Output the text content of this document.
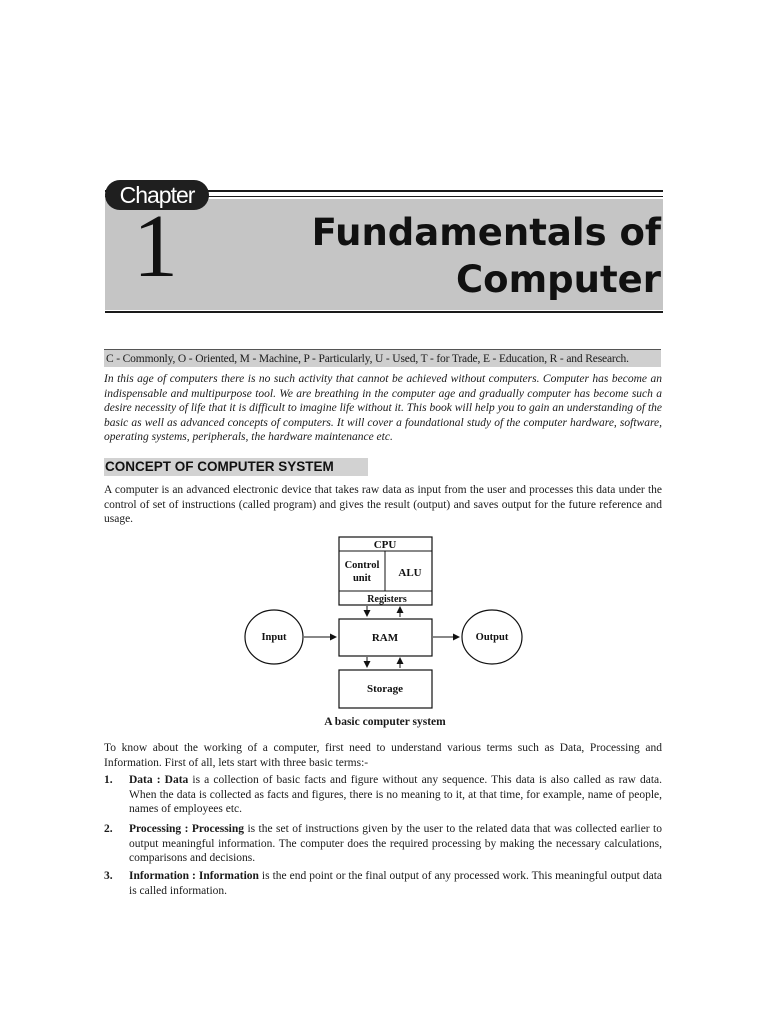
Chapter
1	Fundamentals of
Computer
C - Commonly, O - Oriented, M - Machine, P - Particularly, U - Used, T - for Trade, E - Education, R - and Research.
In this age of computers there is no such activity that cannot be achieved without computers. Computer has become an indispensable and multipurpose tool. We are breathing in the computer age and gradually computer has become such a desire necessity of life that it is difficult to imagine life without it. This book will help you to gain an understanding of the basic as well as advanced concepts of computers. It will cover a foundational study of the computer hardware, software, operating systems, peripherals, the hardware maintenance etc.
CONCEPT OF COMPUTER SYSTEM
A computer is an advanced electronic device that takes raw data as input from the user and processes this data under the control of set of instructions (called program) and gives the result (output) and saves output for the future reference and usage.
CPU
Control
unit ALU
Registers
RAM
Input	Output
Storage
A basic computer system
To know about the working of a computer, first need to understand various terms such as Data, Processing and Information. First of all, lets start with three basic terms:-
1. Data : Data is a collection of basic facts and figure without any sequence. This data is also called as raw data. When the data is collected as facts and figures, there is no meaning to it, at that time, for example, name of people, names of employees etc.
2. Processing : Processing is the set of instructions given by the user to the related data that was collected earlier to output meaningful information. The computer does the required processing by making the necessary calculations, comparisons and decisions.
3. Information : Information is the end point or the final output of any processed work. This meaningful output data is called information.
